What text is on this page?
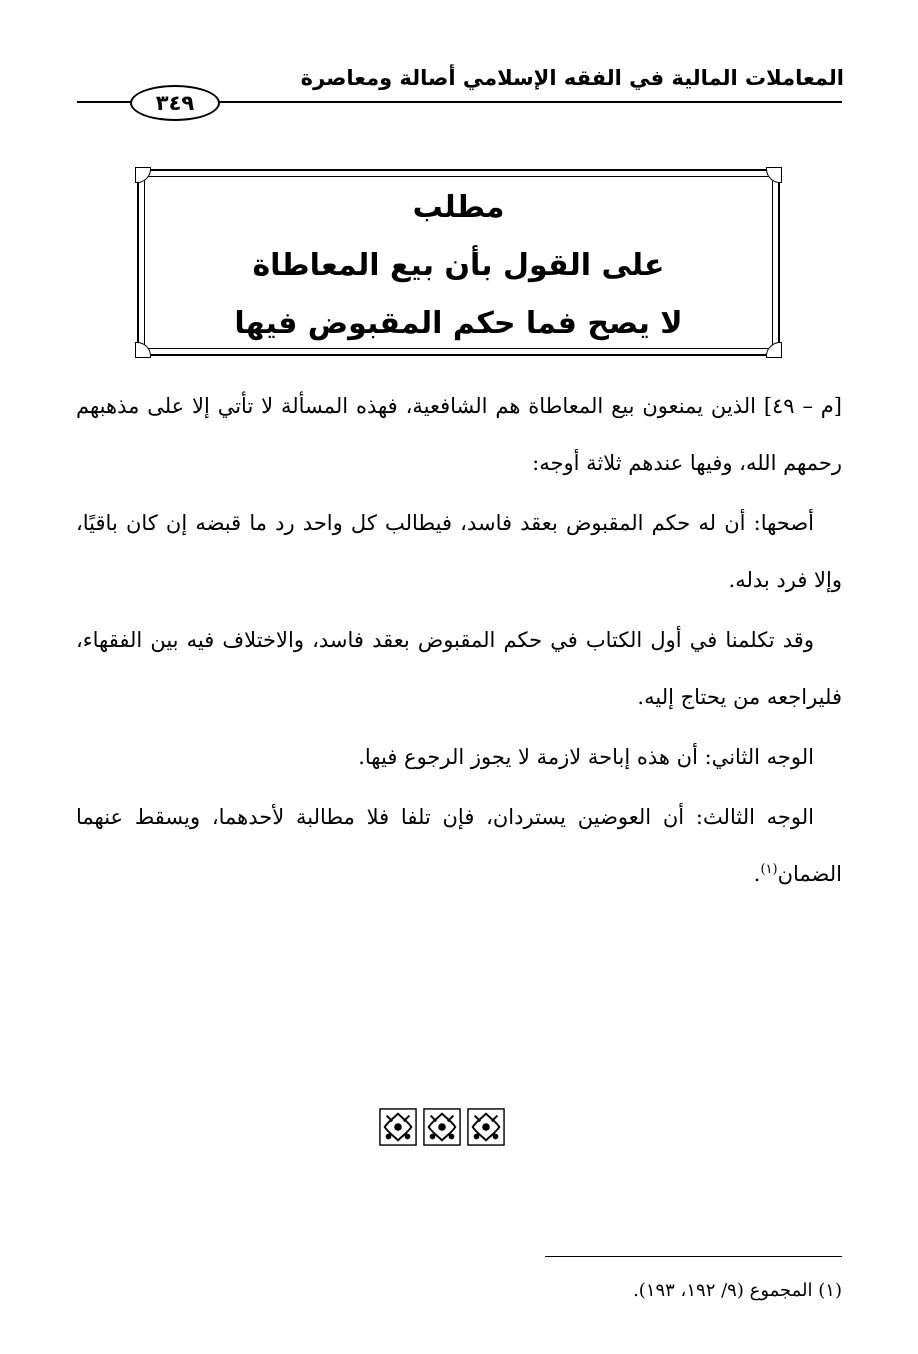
المعاملات المالية في الفقه الإسلامي أصالة ومعاصرة
٣٤٩
مطلب
على القول بأن بيع المعاطاة
لا يصح فما حكم المقبوض فيها

[م – ٤٩] الذين يمنعون بيع المعاطاة هم الشافعية، فهذه المسألة لا تأتي إلا على مذهبهم رحمهم الله، وفيها عندهم ثلاثة أوجه:

أصحها: أن له حكم المقبوض بعقد فاسد، فيطالب كل واحد رد ما قبضه إن كان باقيًا، وإلا فرد بدله.

وقد تكلمنا في أول الكتاب في حكم المقبوض بعقد فاسد، والاختلاف فيه بين الفقهاء، فليراجعه من يحتاج إليه.

الوجه الثاني: أن هذه إباحة لازمة لا يجوز الرجوع فيها.

الوجه الثالث: أن العوضين يستردان، فإن تلفا فلا مطالبة لأحدهما، ويسقط عنهما الضمان$^{(١)}$.

(١) المجموع (٩/ ١٩٢، ١٩٣).
